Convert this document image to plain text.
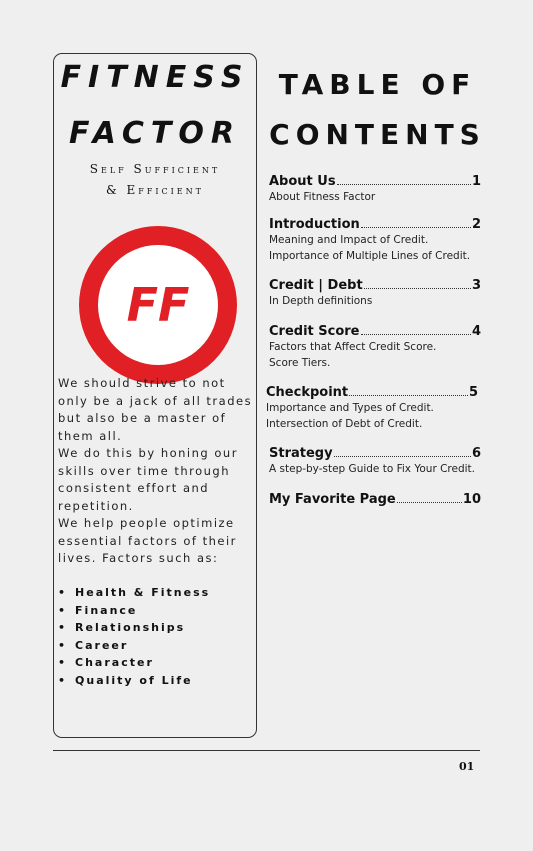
FITNESS
FACTOR
Self Sufficient
& Efficient
FF

We should strive to not only be a jack of all trades but also be a master of them all.

We do this by honing our skills over time through consistent effort and repetition.

We help people optimize essential factors of their lives. Factors such as:

• Health & Fitness
• Finance
• Relationships
• Career
• Character
• Quality of Life
TABLE OF
CONTENTS
About Us	1
About Fitness Factor
Introduction	2
Meaning and Impact of Credit.
Importance of Multiple Lines of Credit.
Credit | Debt	3
In Depth definitions
Credit Score	4
Factors that Affect Credit Score.
Score Tiers.
Checkpoint	5
Importance and Types of Credit.
Intersection of Debt of Credit.
Strategy	6
A step-by-step Guide to Fix Your Credit.
My Favorite Page	10
01
